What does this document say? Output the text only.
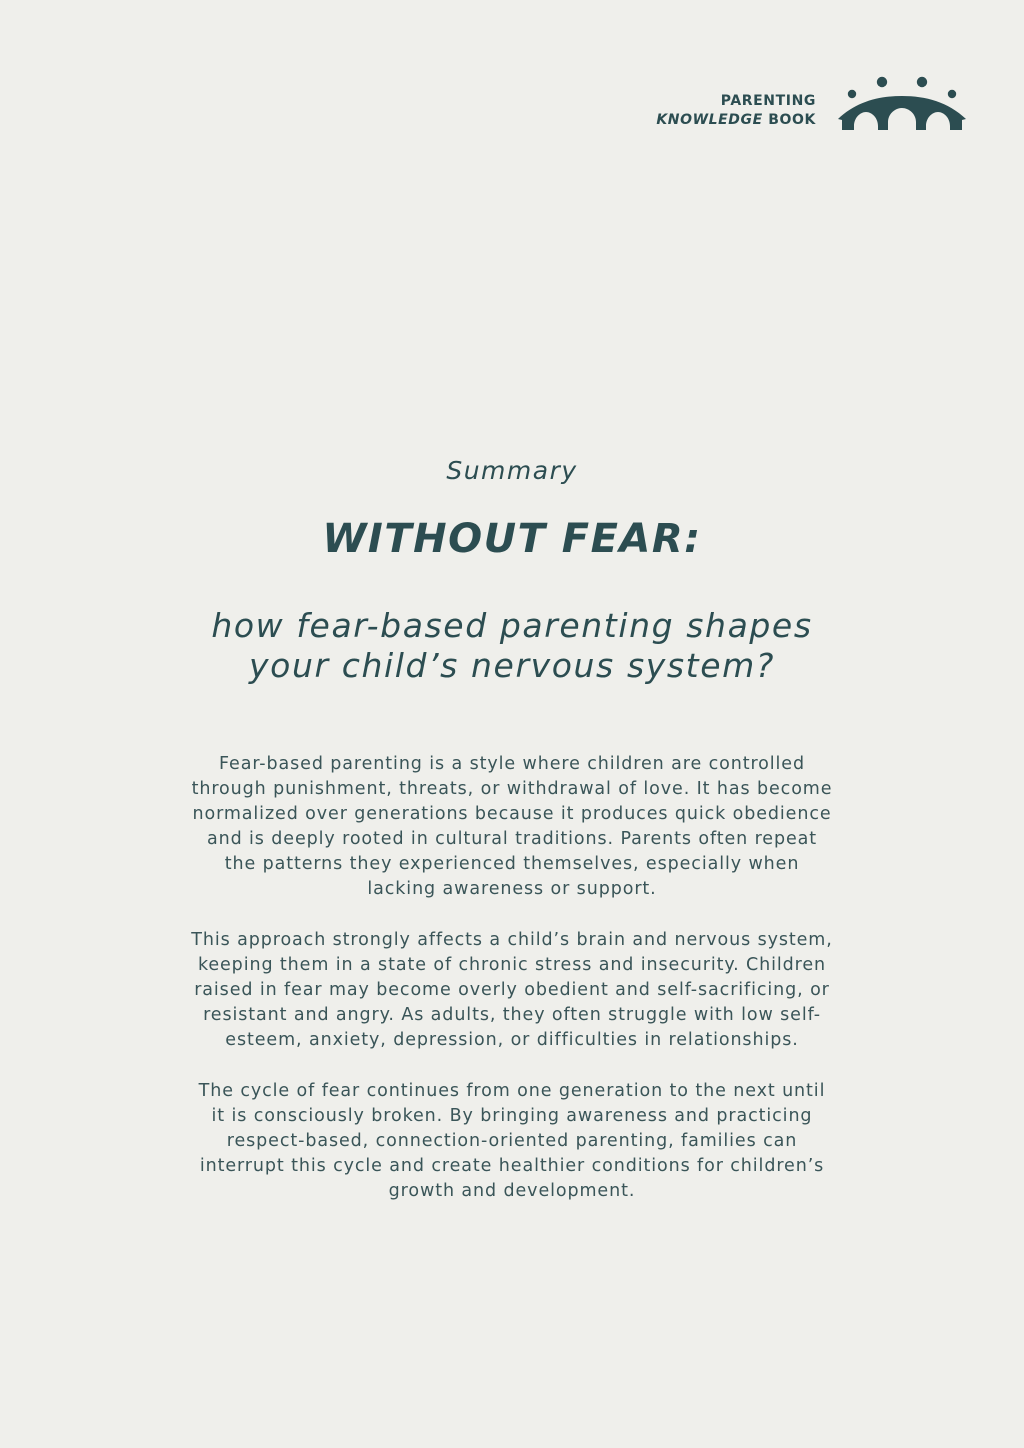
PARENTING
KNOWLEDGE BOOK
Summary
WITHOUT FEAR:
how fear-based parenting shapes
your child’s nervous system?

Fear-based parenting is a style where children are controlled
through punishment, threats, or withdrawal of love. It has become
normalized over generations because it produces quick obedience
and is deeply rooted in cultural traditions. Parents often repeat
the patterns they experienced themselves, especially when
lacking awareness or support.

This approach strongly affects a child’s brain and nervous system,
keeping them in a state of chronic stress and insecurity. Children
raised in fear may become overly obedient and self-sacrificing, or
resistant and angry. As adults, they often struggle with low self-
esteem, anxiety, depression, or difficulties in relationships.

The cycle of fear continues from one generation to the next until
it is consciously broken. By bringing awareness and practicing
respect-based, connection-oriented parenting, families can
interrupt this cycle and create healthier conditions for children’s
growth and development.
